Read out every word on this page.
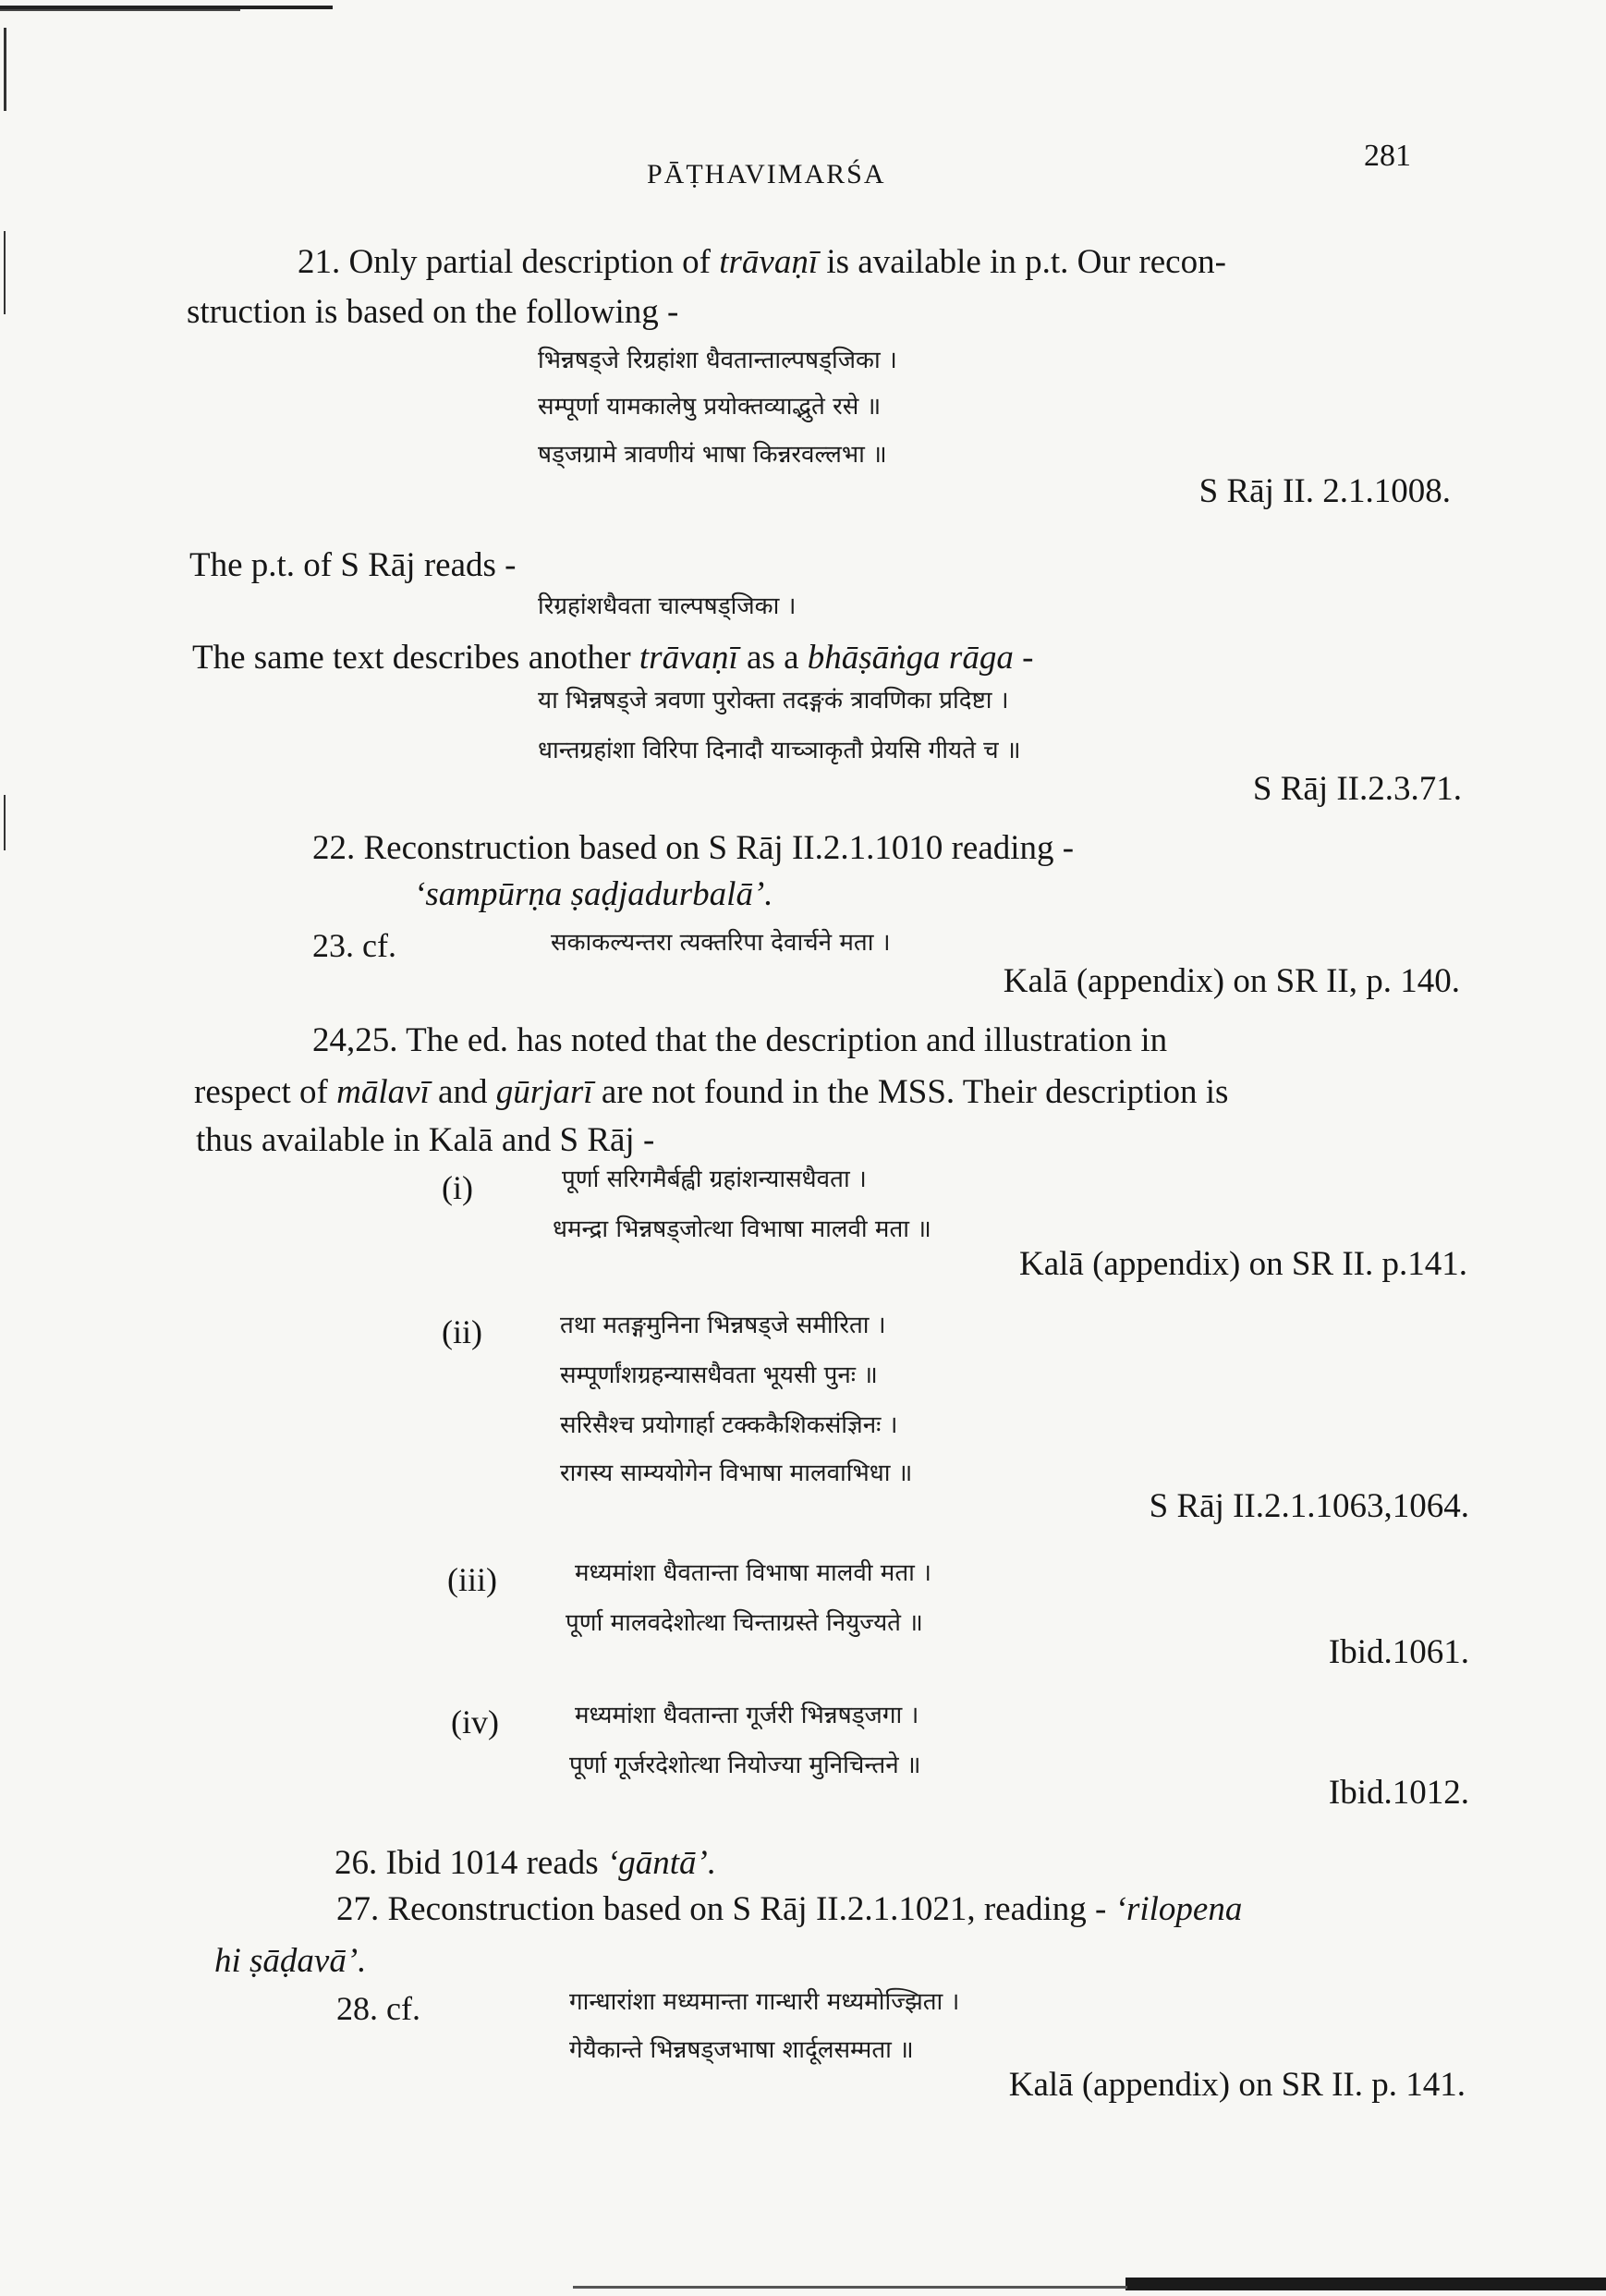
PĀṬHAVIMARŚA
281
21. Only partial description of trāvaṇī is available in p.t. Our recon-
struction is based on the following -
भिन्नषड्जे रिग्रहांशा धैवतान्ताल्पषड्जिका ।
सम्पूर्णा यामकालेषु प्रयोक्तव्याद्भुते रसे ॥
षड्जग्रामे त्रावणीयं भाषा किन्नरवल्लभा ॥
S Rāj II. 2.1.1008.
The p.t. of S Rāj reads -
रिग्रहांशधैवता चाल्पषड्जिका ।
The same text describes another trāvaṇī as a bhāṣāṅga rāga -
या भिन्नषड्जे त्रवणा पुरोक्ता तदङ्गकं त्रावणिका प्रदिष्टा ।
धान्तग्रहांशा विरिपा दिनादौ याच्ञाकृतौ प्रेयसि गीयते च ॥
S Rāj II.2.3.71.
22. Reconstruction based on S Rāj II.2.1.1010 reading -
‘sampūrṇa ṣaḍjadurbalā’.
23. cf.	सकाकल्यन्तरा त्यक्तरिपा देवार्चने मता ।
Kalā (appendix) on SR II, p. 140.
24,25. The ed. has noted that the description and illustration in
respect of mālavī and gūrjarī are not found in the MSS. Their description is
thus available in Kalā and S Rāj -
(i)	पूर्णा सरिगमैर्बह्वी ग्रहांशन्यासधैवता ।
धमन्द्रा भिन्नषड्जोत्था विभाषा मालवी मता ॥
Kalā (appendix) on SR II. p.141.
(ii)	तथा मतङ्गमुनिना भिन्नषड्जे समीरिता ।
सम्पूर्णांशग्रहन्यासधैवता भूयसी पुनः ॥
सरिसैश्च प्रयोगार्हा टक्ककैशिकसंज्ञिनः ।
रागस्य साम्ययोगेन विभाषा मालवाभिधा ॥
S Rāj II.2.1.1063,1064.
(iii)	मध्यमांशा धैवतान्ता विभाषा मालवी मता ।
पूर्णा मालवदेशोत्था चिन्ताग्रस्ते नियुज्यते ॥
Ibid.1061.
(iv)	मध्यमांशा धैवतान्ता गूर्जरी भिन्नषड्जगा ।
पूर्णा गूर्जरदेशोत्था नियोज्या मुनिचिन्तने ॥
Ibid.1012.
26. Ibid 1014 reads ‘gāntā’.
27. Reconstruction based on S Rāj II.2.1.1021, reading - ‘rilopena
hi ṣāḍavā’.
28. cf.	गान्धारांशा मध्यमान्ता गान्धारी मध्यमोज्झिता ।
गेयैकान्ते भिन्नषड्जभाषा शार्दूलसम्मता ॥
Kalā (appendix) on SR II. p. 141.
